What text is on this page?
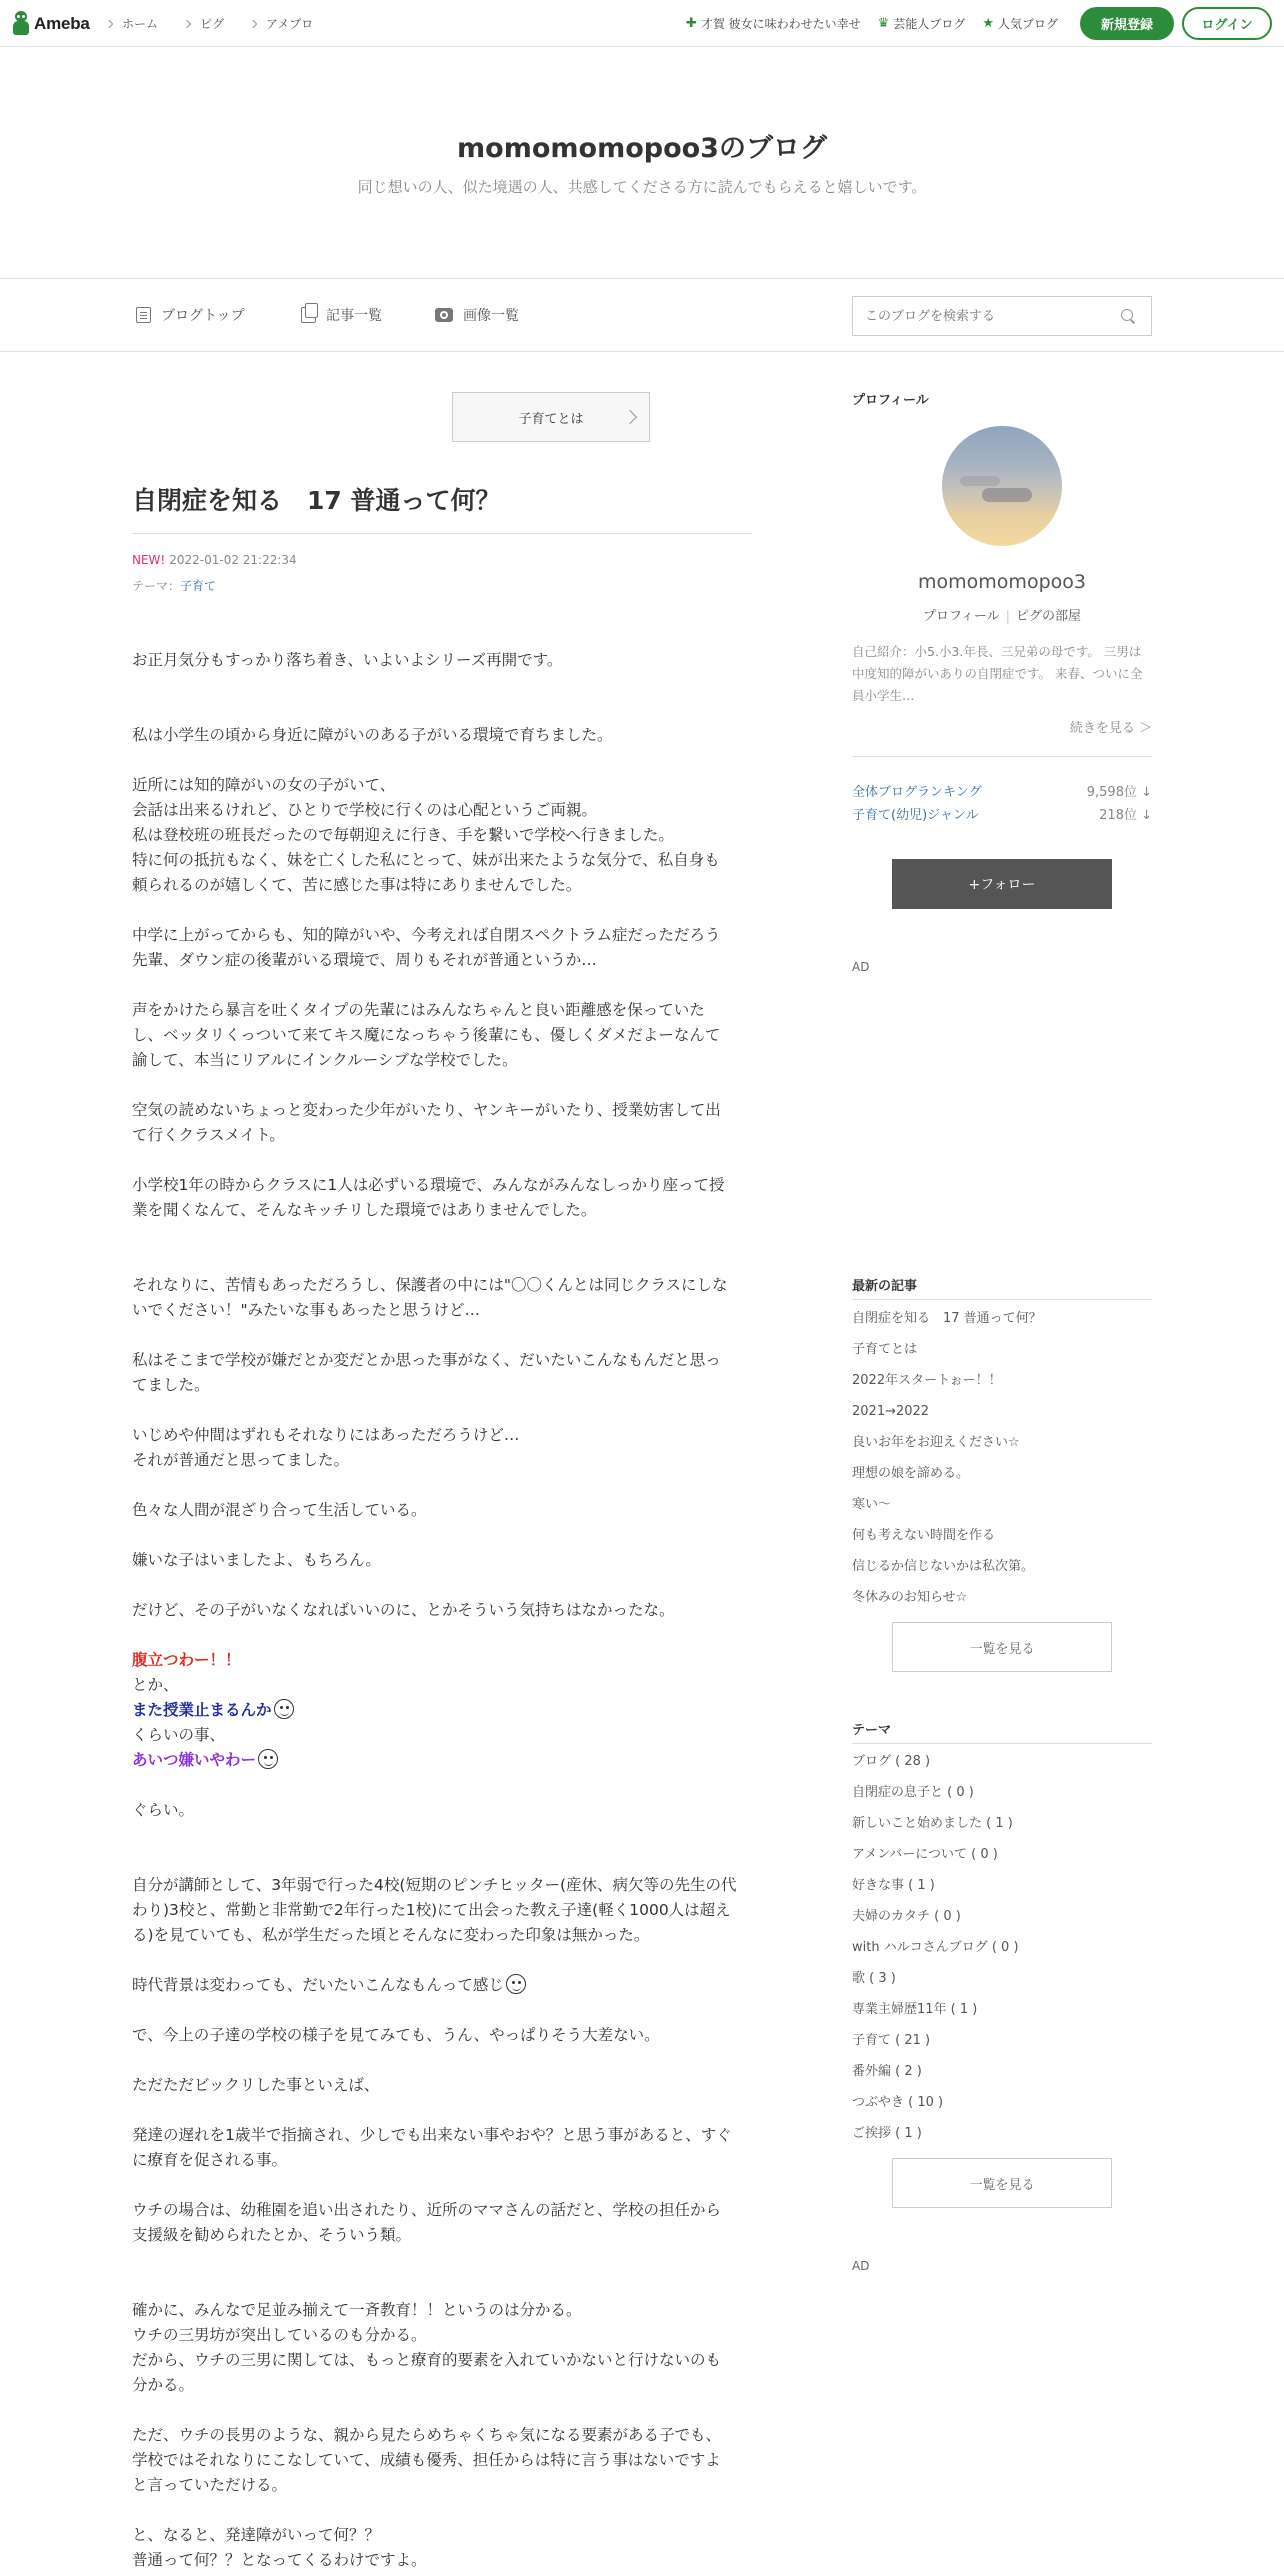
Ameba	ホーム	ピグ	アメブロ	✚ 才賀 彼女に味わわせたい幸せ ♛ 芸能人ブログ ★ 人気ブログ	新規登録	ログイン
momomomopoo3のブログ
同じ想いの人、似た境遇の人、共感してくださる方に読んでもらえると嬉しいです。
ブログトップ	記事一覧	画像一覧
このブログを検索する
子育てとは
自閉症を知る　17 普通って何？
NEW! 2022-01-02 21:22:34
テーマ：子育て

お正月気分もすっかり落ち着き、いよいよシリーズ再開です。

私は小学生の頃から身近に障がいのある子がいる環境で育ちました。

近所には知的障がいの女の子がいて、
会話は出来るけれど、ひとりで学校に行くのは心配というご両親。
私は登校班の班長だったので毎朝迎えに行き、手を繋いで学校へ行きました。
特に何の抵抗もなく、妹を亡くした私にとって、妹が出来たような気分で、私自身も
頼られるのが嬉しくて、苦に感じた事は特にありませんでした。

中学に上がってからも、知的障がいや、今考えれば自閉スペクトラム症だっただろう
先輩、ダウン症の後輩がいる環境で、周りもそれが普通というか…

声をかけたら暴言を吐くタイプの先輩にはみんなちゃんと良い距離感を保っていた
し、ベッタリくっついて来てキス魔になっちゃう後輩にも、優しくダメだよーなんて
諭して、本当にリアルにインクルーシブな学校でした。

空気の読めないちょっと変わった少年がいたり、ヤンキーがいたり、授業妨害して出
て行くクラスメイト。

小学校1年の時からクラスに1人は必ずいる環境で、みんながみんなしっかり座って授
業を聞くなんて、そんなキッチリした環境ではありませんでした。

それなりに、苦情もあっただろうし、保護者の中には"〇〇くんとは同じクラスにしな
いでください！"みたいな事もあったと思うけど…

私はそこまで学校が嫌だとか変だとか思った事がなく、だいたいこんなもんだと思っ
てました。

いじめや仲間はずれもそれなりにはあっただろうけど…
それが普通だと思ってました。

色々な人間が混ざり合って生活している。

嫌いな子はいましたよ、もちろん。

だけど、その子がいなくなればいいのに、とかそういう気持ちはなかったな。

腹立つわー！！
とか、
また授業止まるんか
くらいの事、
あいつ嫌いやわー

ぐらい。

自分が講師として、3年弱で行った4校(短期のピンチヒッター(産休、病欠等の先生の代
わり)3校と、常勤と非常勤で2年行った1校)にて出会った教え子達(軽く1000人は超え
る)を見ていても、私が学生だった頃とそんなに変わった印象は無かった。

時代背景は変わっても、だいたいこんなもんって感じ

で、今上の子達の学校の様子を見てみても、うん、やっぱりそう大差ない。

ただただビックリした事といえば、

発達の遅れを1歳半で指摘され、少しでも出来ない事やおや？と思う事があると、すぐ
に療育を促される事。

ウチの場合は、幼稚園を追い出されたり、近所のママさんの話だと、学校の担任から
支援級を勧められたとか、そういう類。

確かに、みんなで足並み揃えて一斉教育！！というのは分かる。
ウチの三男坊が突出しているのも分かる。
だから、ウチの三男に関しては、もっと療育的要素を入れていかないと行けないのも
分かる。

ただ、ウチの長男のような、親から見たらめちゃくちゃ気になる要素がある子でも、
学校ではそれなりにこなしていて、成績も優秀、担任からは特に言う事はないですよ
と言っていただける。

と、なると、発達障がいって何？？
普通って何？？となってくるわけですよ。

プロフィール
momomomopoo3
プロフィール | ピグの部屋
自己紹介：小5.小3.年長、三兄弟の母です。 三男は中度知的障がいありの自閉症です。 来春、ついに全員小学生…
続きを見る ＞
全体ブログランキング	9,598位 ↓
子育て(幼児)ジャンル	218位 ↓
+フォロー
AD
最新の記事
自閉症を知る　17 普通って何？
子育てとは
2022年スタートぉー！！
2021→2022
良いお年をお迎えください☆
理想の娘を諦める。
寒い〜
何も考えない時間を作る
信じるか信じないかは私次第。
冬休みのお知らせ☆
一覧を見る
テーマ
ブログ ( 28 )
自閉症の息子と ( 0 )
新しいこと始めました ( 1 )
アメンバーについて ( 0 )
好きな事 ( 1 )
夫婦のカタチ ( 0 )
with ハルコさんブログ ( 0 )
歌 ( 3 )
専業主婦歴11年 ( 1 )
子育て ( 21 )
番外編 ( 2 )
つぶやき ( 10 )
ご挨拶 ( 1 )
一覧を見る
AD
